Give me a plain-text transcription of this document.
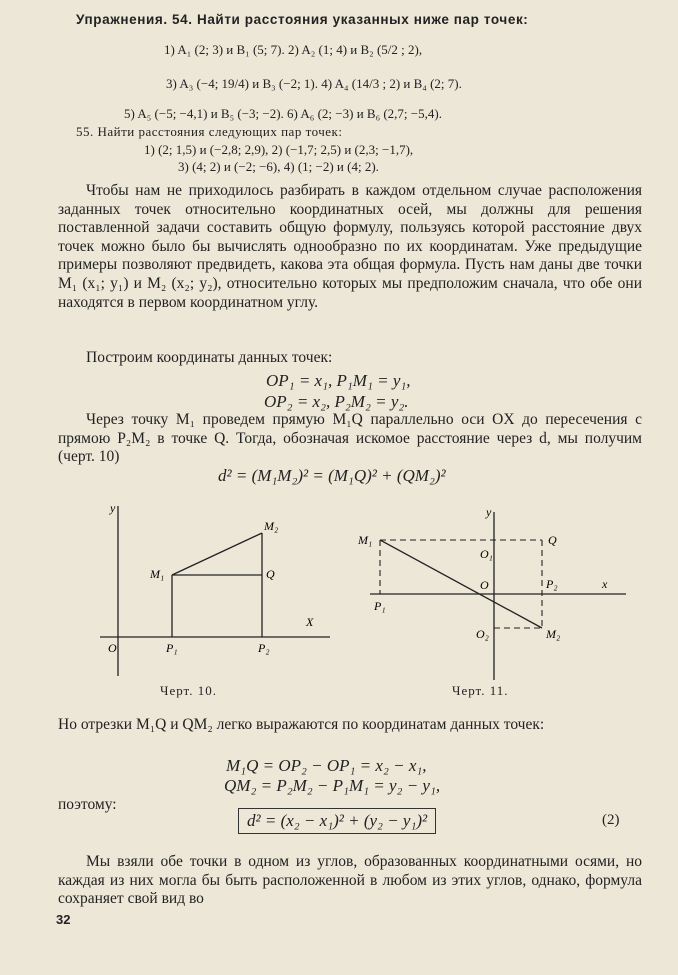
Упражнения. 54. Найти расстояния указанных ниже пар точек:
1) A₁ (2; 3) и B₁ (5; 7). 2) A₂ (1; 4) и B₂ (5/2 ; 2),
3) A₃ (−4; 19/4) и B₃ (−2; 1). 4) A₄ (14/3 ; 2) и B₄ (2; 7).
5) A₅ (−5; −4,1) и B₅ (−3; −2). 6) A₆ (2; −3) и B₆ (2,7; −5,4).
55. Найти расстояния следующих пар точек:
1) (2; 1,5) и (−2,8; 2,9), 2) (−1,7; 2,5) и (2,3; −1,7),
3) (4; 2) и (−2; −6), 4) (1; −2) и (4; 2).
Чтобы нам не приходилось разбирать в каждом отдельном случае расположения заданных точек относительно координатных осей, мы должны для решения поставленной задачи составить общую формулу, пользуясь которой расстояние двух точек можно было бы вычислять однообразно по их координатам. Уже предыдущие примеры позволяют предвидеть, какова эта общая формула. Пусть нам даны две точки M₁ (x₁; y₁) и M₂ (x₂; y₂), относительно которых мы предположим сначала, что обе они находятся в первом координатном углу.
Построим координаты данных точек:
OP₁ = x₁, P₁M₁ = y₁,
OP₂ = x₂, P₂M₂ = y₂.
Через точку M₁ проведем прямую M₁Q параллельно оси OX до пересечения с прямою P₂M₂ в точке Q. Тогда, обозначая искомое расстояние через d, мы получим (черт. 10)
d² = (M₁M₂)² = (M₁Q)² + (QM₂)²
y
X
O
M₁
M₂
Q
P₁	P₂
Черт. 10.
y
x
O
M₁
M₂
Q
O₁
O₂
P₁
P₂
Черт. 11.
Но отрезки M₁Q и QM₂ легко выражаются по координатам данных точек:
M₁Q = OP₂ − OP₁ = x₂ − x₁,
QM₂ = P₂M₂ − P₁M₁ = y₂ − y₁,
поэтому:
d² = (x₂ − x₁)² + (y₂ − y₁)²	(2)
Мы взяли обе точки в одном из углов, образованных координатными осями, но каждая из них могла бы быть расположенной в любом из этих углов, однако, формула сохраняет свой вид во
32
